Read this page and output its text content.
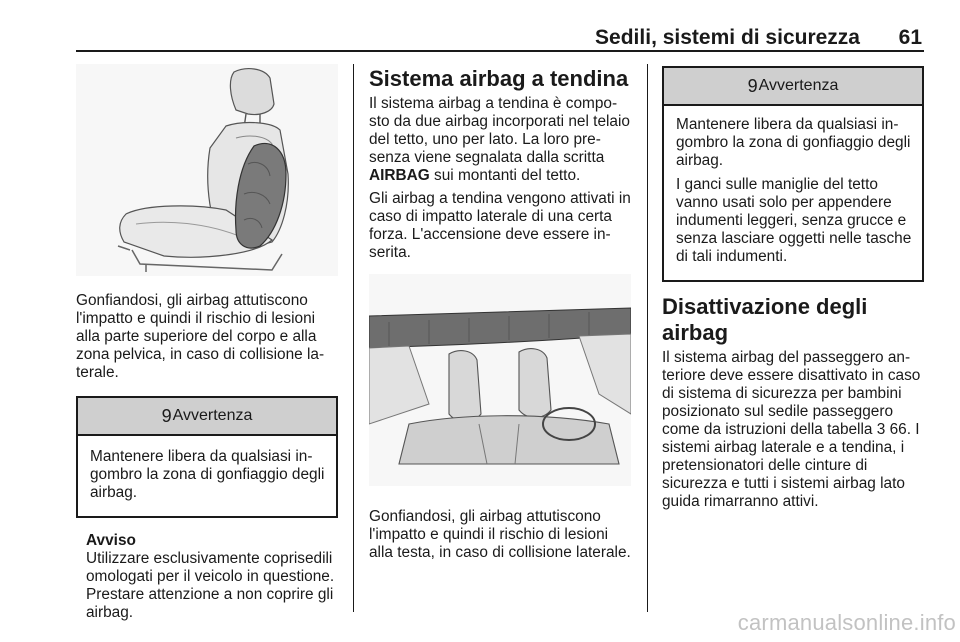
Sedili, sistemi di sicurezza	61

Gonfiandosi, gli airbag attutiscono l'impatto e quindi il rischio di lesioni alla parte superiore del corpo e alla zona pelvica, in caso di collisione laterale.

9 Avvertenza

Mantenere libera da qualsiasi ingombro la zona di gonfiaggio degli airbag.

Avviso

Utilizzare esclusivamente coprisedili omologati per il veicolo in questione. Prestare attenzione a non coprire gli airbag.

Sistema airbag a tendina

Il sistema airbag a tendina è composto da due airbag incorporati nel telaio del tetto, uno per lato. La loro presenza viene segnalata dalla scritta AIRBAG sui montanti del tetto.

Gli airbag a tendina vengono attivati in caso di impatto laterale di una certa forza. L'accensione deve essere inserita.

Gonfiandosi, gli airbag attutiscono l'impatto e quindi il rischio di lesioni alla testa, in caso di collisione laterale.

9 Avvertenza

Mantenere libera da qualsiasi ingombro la zona di gonfiaggio degli airbag.

I ganci sulle maniglie del tetto vanno usati solo per appendere indumenti leggeri, senza grucce e senza lasciare oggetti nelle tasche di tali indumenti.

Disattivazione degli airbag

Il sistema airbag del passeggero anteriore deve essere disattivato in caso di sistema di sicurezza per bambini posizionato sul sedile passeggero come da istruzioni della tabella 3 66. I sistemi airbag laterale e a tendina, i pretensionatori delle cinture di sicurezza e tutti i sistemi airbag lato guida rimarranno attivi.

carmanualsonline.info
